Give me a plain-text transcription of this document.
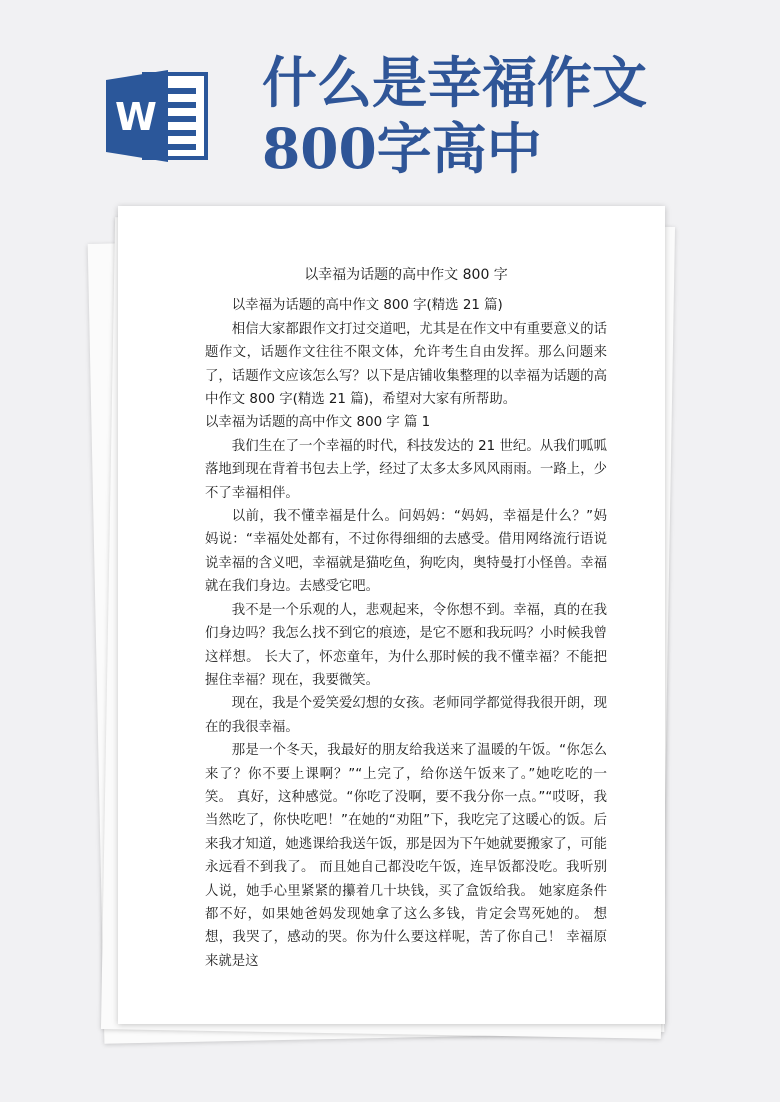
W
什么是幸福作文800字高中
以幸福为话题的高中作文 800 字

以幸福为话题的高中作文 800 字(精选 21 篇)

相信大家都跟作文打过交道吧，尤其是在作文中有重要意义的话题作文，话题作文往往不限文体，允许考生自由发挥。那么问题来了，话题作文应该怎么写？以下是店铺收集整理的以幸福为话题的高中作文 800 字(精选 21 篇)，希望对大家有所帮助。

以幸福为话题的高中作文 800 字 篇 1

我们生在了一个幸福的时代，科技发达的 21 世纪。从我们呱呱落地到现在背着书包去上学，经过了太多太多风风雨雨。一路上，少不了幸福相伴。

以前，我不懂幸福是什么。问妈妈：“妈妈，幸福是什么？”妈妈说：“幸福处处都有，不过你得细细的去感受。借用网络流行语说说幸福的含义吧，幸福就是猫吃鱼，狗吃肉，奥特曼打小怪兽。幸福就在我们身边。去感受它吧。

我不是一个乐观的人，悲观起来，令你想不到。幸福，真的在我们身边吗？我怎么找不到它的痕迹，是它不愿和我玩吗？小时候我曾这样想。 长大了，怀恋童年，为什么那时候的我不懂幸福？不能把握住幸福？现在，我要微笑。

现在，我是个爱笑爱幻想的女孩。老师同学都觉得我很开朗，现在的我很幸福。

那是一个冬天，我最好的朋友给我送来了温暖的午饭。“你怎么来了？你不要上课啊？”“上完了，给你送午饭来了。”她吃吃的一笑。 真好，这种感觉。“你吃了没啊，要不我分你一点。”“哎呀，我当然吃了，你快吃吧！”在她的“劝阻”下，我吃完了这暖心的饭。后来我才知道，她逃课给我送午饭，那是因为下午她就要搬家了，可能永远看不到我了。 而且她自己都没吃午饭，连早饭都没吃。我听别人说，她手心里紧紧的攥着几十块钱，买了盒饭给我。 她家庭条件都不好，如果她爸妈发现她拿了这么多钱，肯定会骂死她的。 想想，我哭了，感动的哭。你为什么要这样呢，苦了你自己！ 幸福原来就是这
